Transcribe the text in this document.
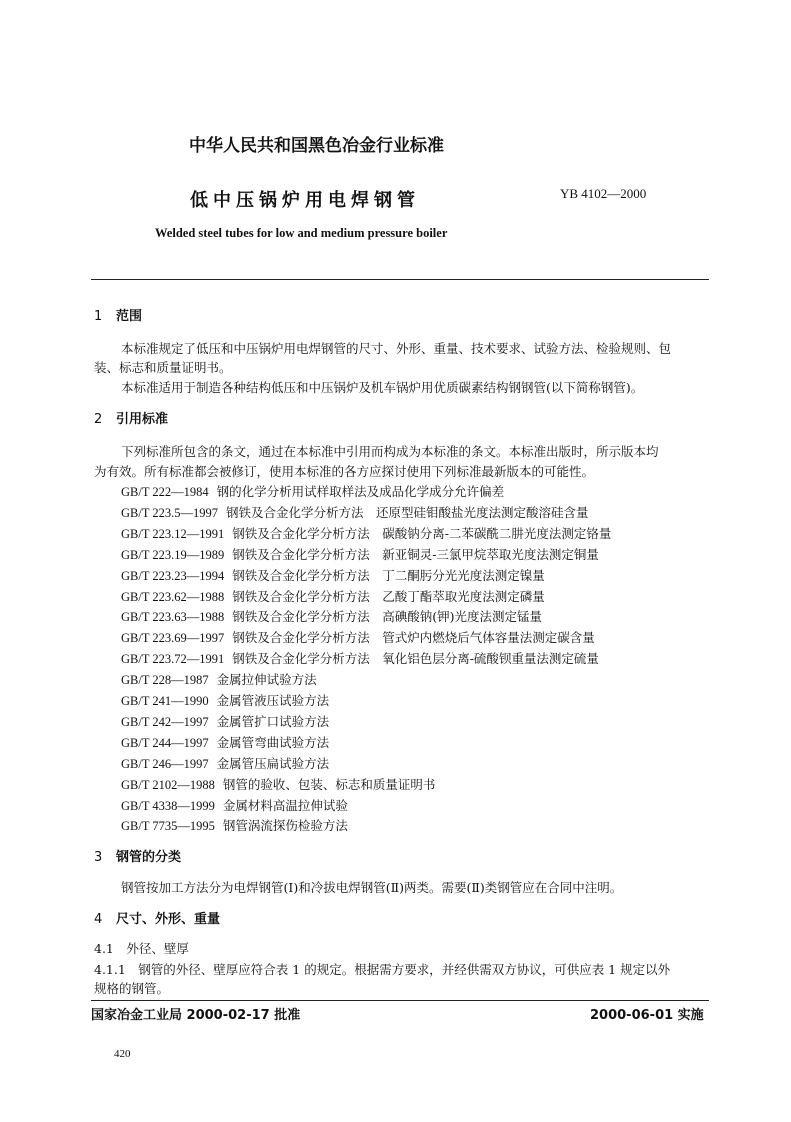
中华人民共和国黑色冶金行业标准
低中压锅炉用电焊钢管	YB 4102—2000
Welded steel tubes for low and medium pressure boiler
1 范围
本标准规定了低压和中压锅炉用电焊钢管的尺寸、外形、重量、技术要求、试验方法、检验规则、包
装、标志和质量证明书。
本标准适用于制造各种结构低压和中压锅炉及机车锅炉用优质碳素结构钢钢管(以下简称钢管)。
2 引用标准
下列标准所包含的条文，通过在本标准中引用而构成为本标准的条文。本标准出版时，所示版本均
为有效。所有标准都会被修订，使用本标准的各方应探讨使用下列标准最新版本的可能性。
GB/T 222—1984 钢的化学分析用试样取样法及成品化学成分允许偏差
GB/T 223.5—1997 钢铁及合金化学分析方法　还原型硅钼酸盐光度法测定酸溶硅含量
GB/T 223.12—1991 钢铁及合金化学分析方法　碳酸钠分离-二苯碳酰二肼光度法测定铬量
GB/T 223.19—1989 钢铁及合金化学分析方法　新亚铜灵-三氯甲烷萃取光度法测定铜量
GB/T 223.23—1994 钢铁及合金化学分析方法　丁二酮肟分光光度法测定镍量
GB/T 223.62—1988 钢铁及合金化学分析方法　乙酸丁酯萃取光度法测定磷量
GB/T 223.63—1988 钢铁及合金化学分析方法　高碘酸钠(钾)光度法测定锰量
GB/T 223.69—1997 钢铁及合金化学分析方法　管式炉内燃烧后气体容量法测定碳含量
GB/T 223.72—1991 钢铁及合金化学分析方法　氧化铝色层分离-硫酸钡重量法测定硫量
GB/T 228—1987 金属拉伸试验方法
GB/T 241—1990 金属管液压试验方法
GB/T 242—1997 金属管扩口试验方法
GB/T 244—1997 金属管弯曲试验方法
GB/T 246—1997 金属管压扁试验方法
GB/T 2102—1988 钢管的验收、包装、标志和质量证明书
GB/T 4338—1999 金属材料高温拉伸试验
GB/T 7735—1995 钢管涡流探伤检验方法
3 钢管的分类
钢管按加工方法分为电焊钢管(Ⅰ)和冷拔电焊钢管(Ⅱ)两类。需要(Ⅱ)类钢管应在合同中注明。
4 尺寸、外形、重量
4.1　外径、壁厚
4.1.1　钢管的外径、壁厚应符合表 1 的规定。根据需方要求，并经供需双方协议，可供应表 1 规定以外
规格的钢管。
国家冶金工业局 2000-02-17 批准	2000-06-01 实施
420
